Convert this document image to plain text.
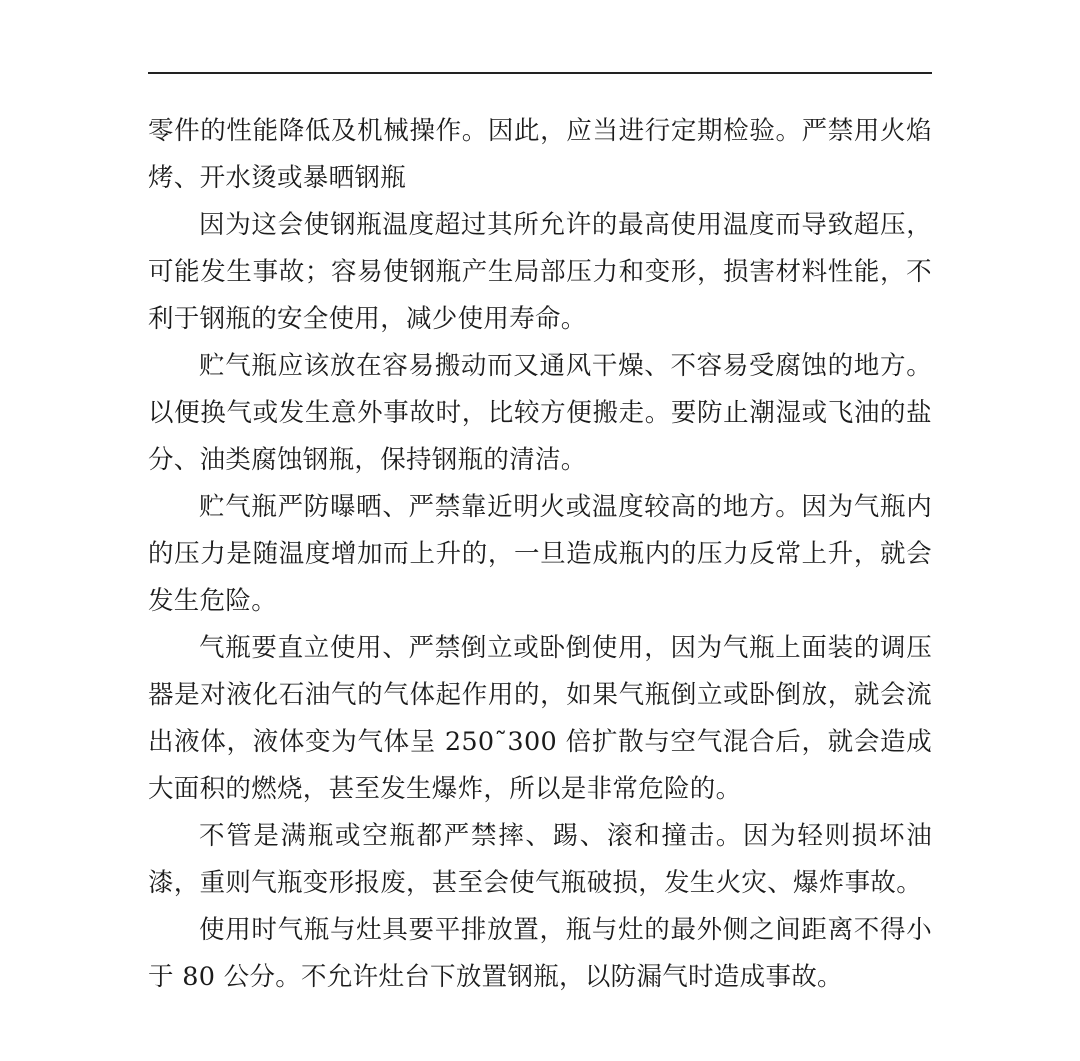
零件的性能降低及机械操作。因此，应当进行定期检验。严禁用火焰烤、开水烫或暴晒钢瓶

因为这会使钢瓶温度超过其所允许的最高使用温度而导致超压，可能发生事故；容易使钢瓶产生局部压力和变形，损害材料性能，不利于钢瓶的安全使用，减少使用寿命。

贮气瓶应该放在容易搬动而又通风干燥、不容易受腐蚀的地方。以便换气或发生意外事故时，比较方便搬走。要防止潮湿或飞油的盐分、油类腐蚀钢瓶，保持钢瓶的清洁。

贮气瓶严防曝晒、严禁靠近明火或温度较高的地方。因为气瓶内的压力是随温度增加而上升的，一旦造成瓶内的压力反常上升，就会发生危险。

气瓶要直立使用、严禁倒立或卧倒使用，因为气瓶上面装的调压器是对液化石油气的气体起作用的，如果气瓶倒立或卧倒放，就会流出液体，液体变为气体呈 250˜300 倍扩散与空气混合后，就会造成大面积的燃烧，甚至发生爆炸，所以是非常危险的。

不管是满瓶或空瓶都严禁摔、踢、滚和撞击。因为轻则损坏油漆，重则气瓶变形报废，甚至会使气瓶破损，发生火灾、爆炸事故。

使用时气瓶与灶具要平排放置，瓶与灶的最外侧之间距离不得小于 80 公分。不允许灶台下放置钢瓶，以防漏气时造成事故。
